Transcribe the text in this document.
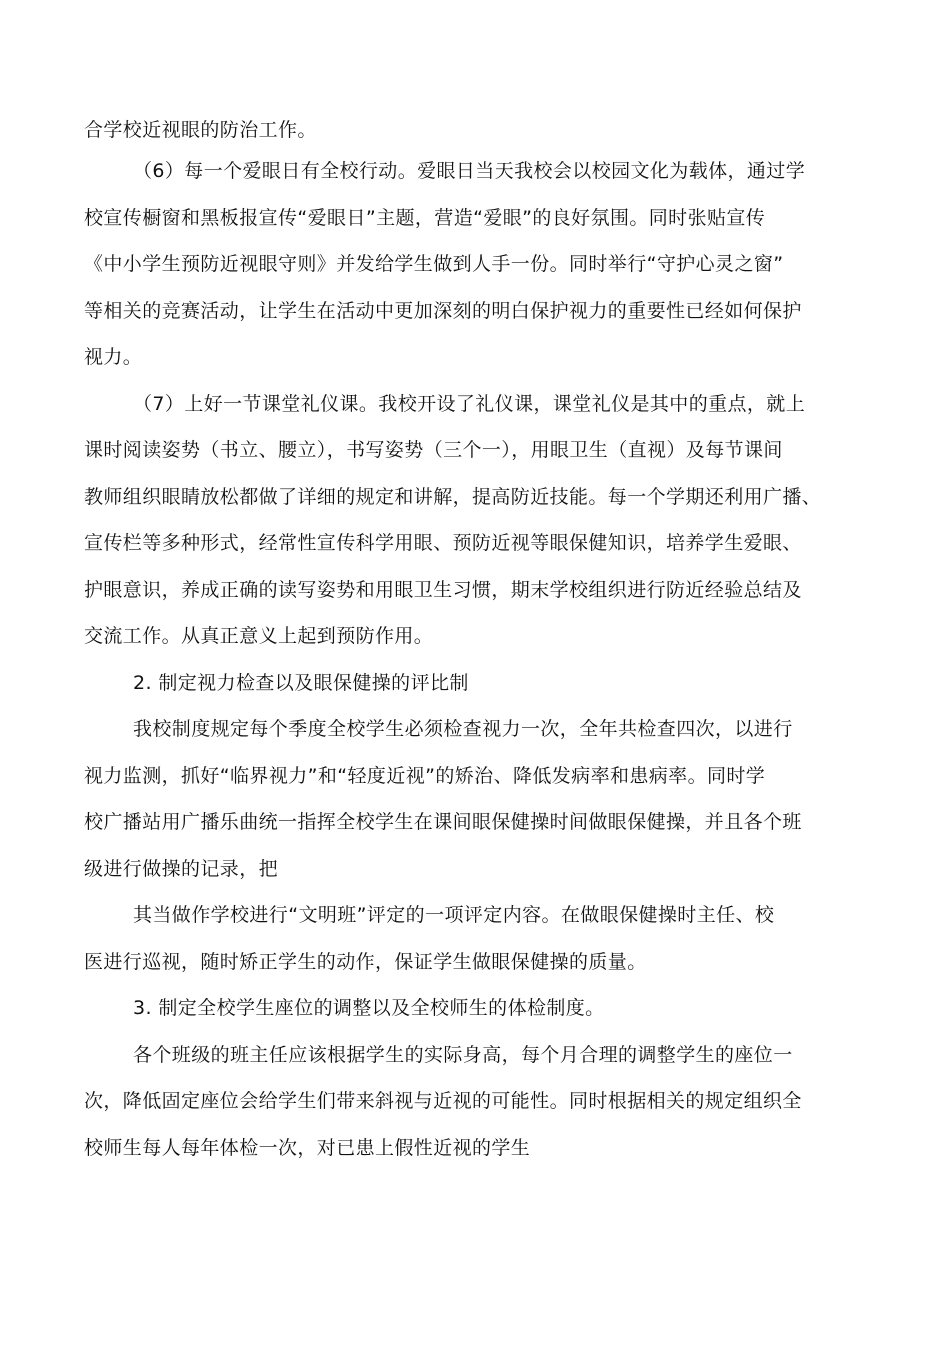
合学校近视眼的防治工作。
（6）每一个爱眼日有全校行动。爱眼日当天我校会以校园文化为载体，通过学
校宣传橱窗和黑板报宣传“爱眼日”主题，营造“爱眼”的良好氛围。同时张贴宣传
《中小学生预防近视眼守则》并发给学生做到人手一份。同时举行“守护心灵之窗”
等相关的竞赛活动，让学生在活动中更加深刻的明白保护视力的重要性已经如何保护
视力。
（7）上好一节课堂礼仪课。我校开设了礼仪课，课堂礼仪是其中的重点，就上
课时阅读姿势（书立、腰立），书写姿势（三个一），用眼卫生（直视）及每节课间
教师组织眼睛放松都做了详细的规定和讲解，提高防近技能。每一个学期还利用广播、
宣传栏等多种形式，经常性宣传科学用眼、预防近视等眼保健知识，培养学生爱眼、
护眼意识，养成正确的读写姿势和用眼卫生习惯，期末学校组织进行防近经验总结及
交流工作。从真正意义上起到预防作用。
2. 制定视力检查以及眼保健操的评比制
我校制度规定每个季度全校学生必须检查视力一次，全年共检查四次，以进行
视力监测，抓好“临界视力”和“轻度近视”的矫治、降低发病率和患病率。同时学
校广播站用广播乐曲统一指挥全校学生在课间眼保健操时间做眼保健操，并且各个班
级进行做操的记录，把
其当做作学校进行“文明班”评定的一项评定内容。在做眼保健操时主任、校
医进行巡视，随时矫正学生的动作，保证学生做眼保健操的质量。
3. 制定全校学生座位的调整以及全校师生的体检制度。
各个班级的班主任应该根据学生的实际身高，每个月合理的调整学生的座位一
次，降低固定座位会给学生们带来斜视与近视的可能性。同时根据相关的规定组织全
校师生每人每年体检一次，对已患上假性近视的学生
